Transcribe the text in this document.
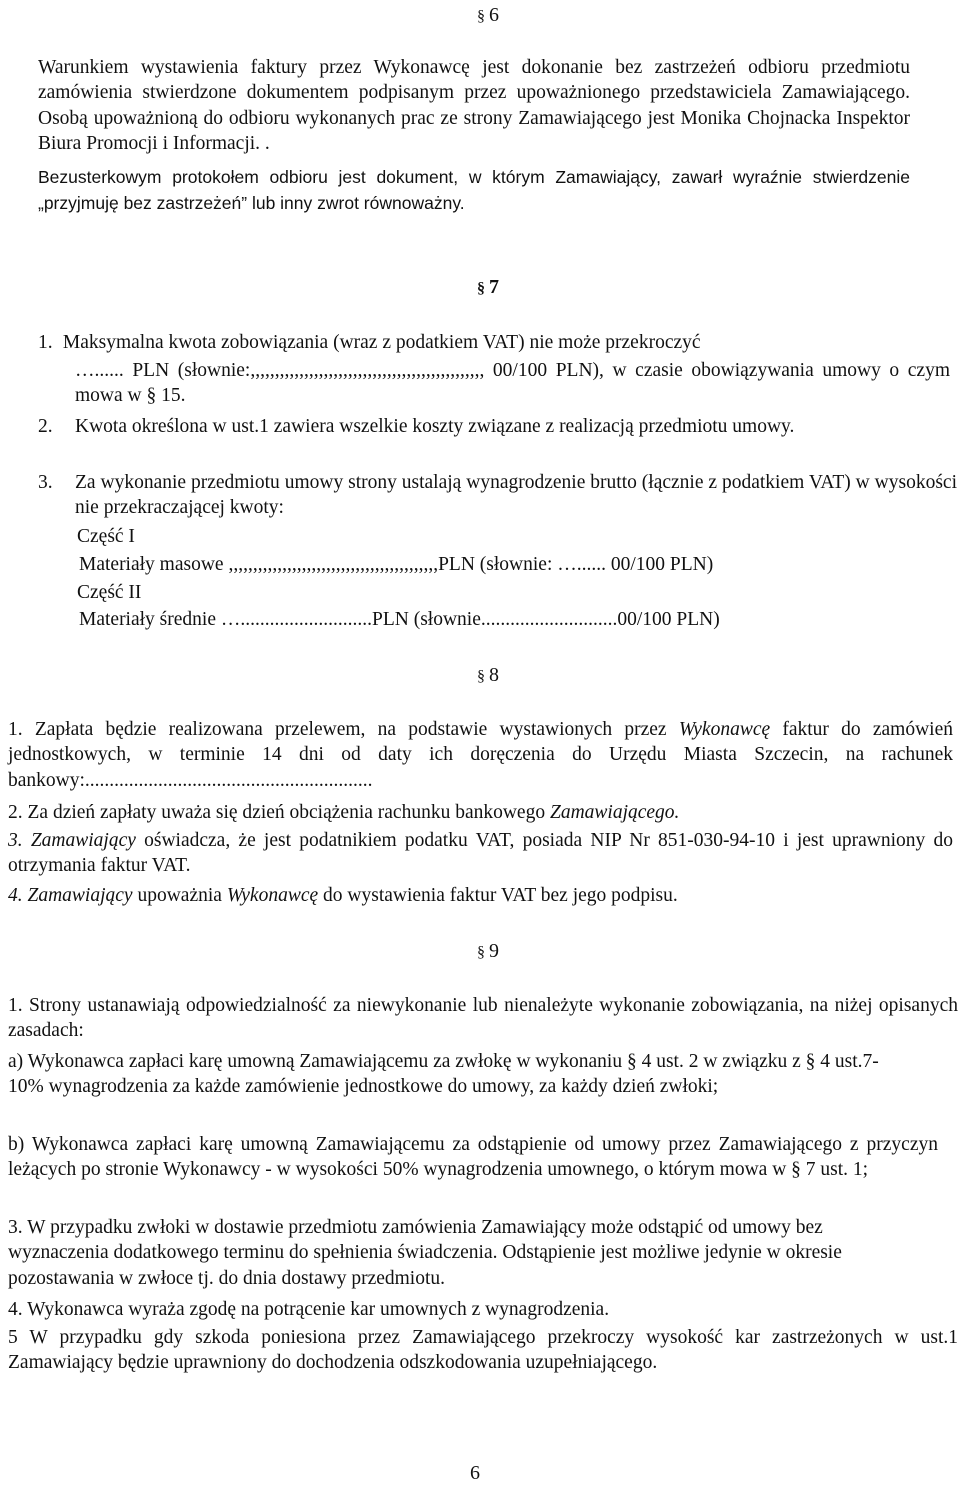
§ 6

Warunkiem wystawienia faktury przez Wykonawcę jest dokonanie bez zastrzeżeń odbioru przedmiotu zamówienia stwierdzone dokumentem podpisanym przez upoważnionego przedstawiciela Zamawiającego. Osobą upoważnioną do odbioru wykonanych prac ze strony Zamawiającego jest Monika Chojnacka Inspektor Biura Promocji i Informacji. .

Bezusterkowym protokołem odbioru jest dokument, w którym Zamawiający, zawarł wyraźnie stwierdzenie „przyjmuję bez zastrzeżeń” lub inny zwrot równoważny.

§ 7
1. Maksymalna kwota zobowiązania (wraz z podatkiem VAT) nie może przekroczyć

…...... PLN (słownie:,,,,,,,,,,,,,,,,,,,,,,,,,,,,,,,,,,,,,,,,,,,,,,,, 00/100 PLN), w czasie obowiązywania umowy o czym mowa w § 15.

2. Kwota określona w ust.1 zawiera wszelkie koszty związane z realizacją przedmiotu umowy.

3. Za wykonanie przedmiotu umowy strony ustalają wynagrodzenie brutto (łącznie z podatkiem VAT) w wysokości nie przekraczającej kwoty:

Część I
Materiały masowe ,,,,,,,,,,,,,,,,,,,,,,,,,,,,,,,,,,,,,,,,,,,PLN (słownie: …...... 00/100 PLN)
Część II
Materiały średnie …...........................PLN (słownie............................00/100 PLN)
§ 8

1. Zapłata będzie realizowana przelewem, na podstawie wystawionych przez Wykonawcę faktur do zamówień jednostkowych, w terminie 14 dni od daty ich doręczenia do Urzędu Miasta Szczecin, na rachunek bankowy:...........................................................

2. Za dzień zapłaty uważa się dzień obciążenia rachunku bankowego Zamawiającego.

3. Zamawiający oświadcza, że jest podatnikiem podatku VAT, posiada NIP Nr 851-030-94-10 i jest uprawniony do otrzymania faktur VAT.

4. Zamawiający upoważnia Wykonawcę do wystawienia faktur VAT bez jego podpisu.

§ 9

1. Strony ustanawiają odpowiedzialność za niewykonanie lub nienależyte wykonanie zobowiązania, na niżej opisanych zasadach:

a) Wykonawca zapłaci karę umowną Zamawiającemu za zwłokę w wykonaniu § 4 ust. 2 w związku z § 4 ust.7- 10% wynagrodzenia za każde zamówienie jednostkowe do umowy, za każdy dzień zwłoki;

b) Wykonawca zapłaci karę umowną Zamawiającemu za odstąpienie od umowy przez Zamawiającego z przyczyn leżących po stronie Wykonawcy - w wysokości 50% wynagrodzenia umownego, o którym mowa w § 7 ust. 1;

3. W przypadku zwłoki w dostawie przedmiotu zamówienia Zamawiający może odstąpić od umowy bez wyznaczenia dodatkowego terminu do spełnienia świadczenia. Odstąpienie jest możliwe jedynie w okresie pozostawania w zwłoce tj. do dnia dostawy przedmiotu.

4. Wykonawca wyraża zgodę na potrącenie kar umownych z wynagrodzenia.

5 W przypadku gdy szkoda poniesiona przez Zamawiającego przekroczy wysokość kar zastrzeżonych w ust.1 Zamawiający będzie uprawniony do dochodzenia odszkodowania uzupełniającego.

6
